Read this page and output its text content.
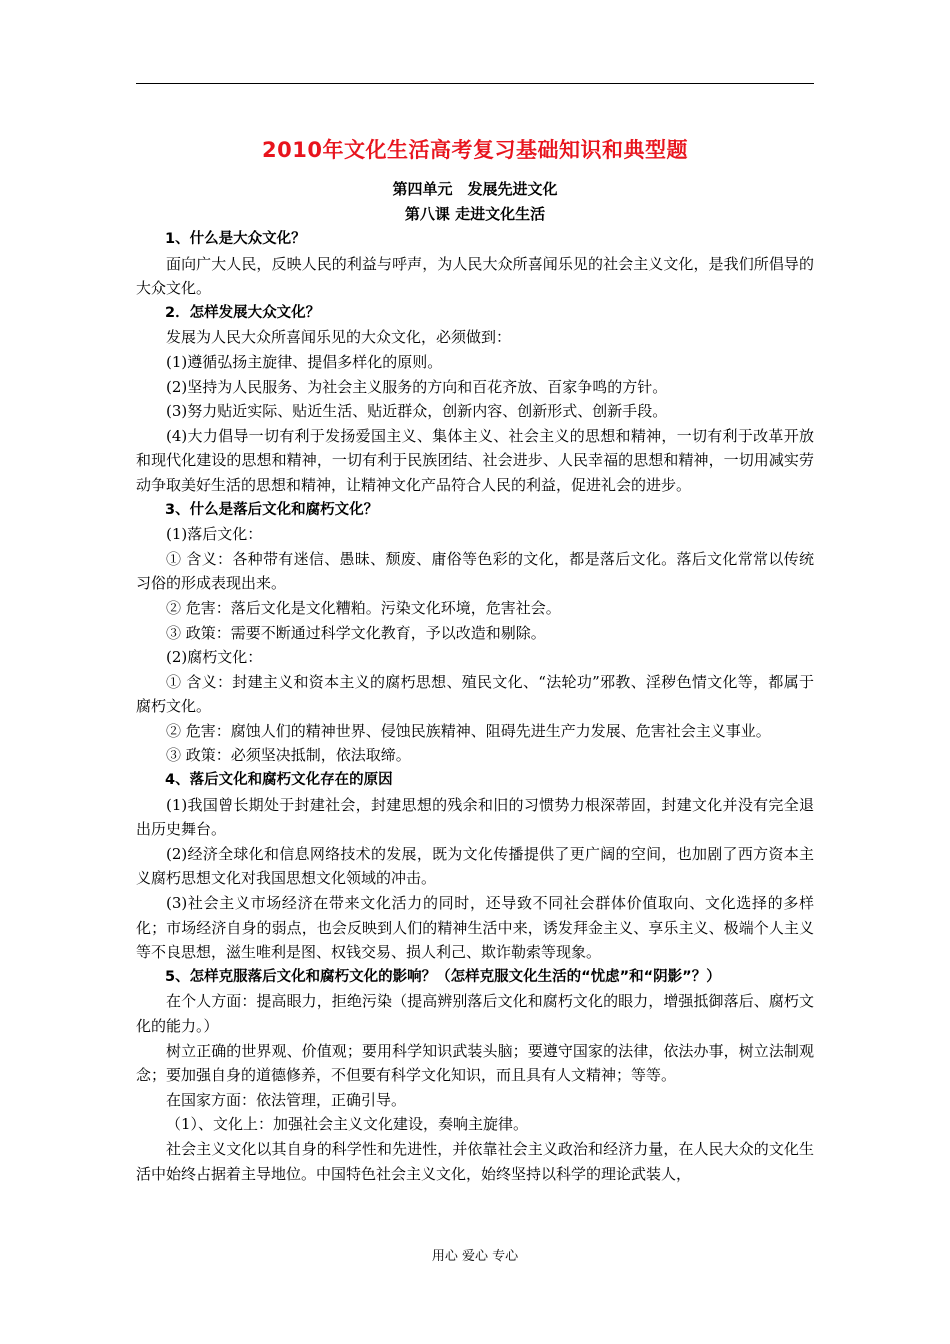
2010年文化生活高考复习基础知识和典型题
第四单元　发展先进文化
第八课 走进文化生活
1、什么是大众文化？
面向广大人民，反映人民的利益与呼声，为人民大众所喜闻乐见的社会主义文化，是我们所倡导的大众文化。
2．怎样发展大众文化？
发展为人民大众所喜闻乐见的大众文化，必须做到：
(1)遵循弘扬主旋律、提倡多样化的原则。
(2)坚持为人民服务、为社会主义服务的方向和百花齐放、百家争鸣的方针。
(3)努力贴近实际、贴近生活、贴近群众，创新内容、创新形式、创新手段。
(4)大力倡导一切有利于发扬爱国主义、集体主义、社会主义的思想和精神，一切有利于改革开放和现代化建设的思想和精神，一切有利于民族团结、社会进步、人民幸福的思想和精神，一切用减实劳动争取美好生活的思想和精神，让精神文化产品符合人民的利益，促进礼会的进步。
3、什么是落后文化和腐朽文化？
(1)落后文化：
① 含义：各种带有迷信、愚昧、颓废、庸俗等色彩的文化，都是落后文化。落后文化常常以传统习俗的形成表现出来。
② 危害：落后文化是文化糟粕。污染文化环境，危害社会。
③ 政策：需要不断通过科学文化教育，予以改造和剔除。
(2)腐朽文化：
① 含义：封建主义和资本主义的腐朽思想、殖民文化、“法轮功”邪教、淫秽色情文化等，都属于腐朽文化。
② 危害：腐蚀人们的精神世界、侵蚀民族精神、阻碍先进生产力发展、危害社会主义事业。
③ 政策：必须坚决抵制，依法取缔。
4、落后文化和腐朽文化存在的原因
(1)我国曾长期处于封建社会，封建思想的残余和旧的习惯势力根深蒂固，封建文化并没有完全退出历史舞台。
(2)经济全球化和信息网络技术的发展，既为文化传播提供了更广阔的空间，也加剧了西方资本主义腐朽思想文化对我国思想文化领域的冲击。
(3)社会主义市场经济在带来文化活力的同时，还导致不同社会群体价值取向、文化选择的多样化；市场经济自身的弱点，也会反映到人们的精神生活中来，诱发拜金主义、享乐主义、极端个人主义等不良思想，滋生唯利是图、权钱交易、损人利己、欺诈勒索等现象。
5、怎样克服落后文化和腐朽文化的影响？（怎样克服文化生活的“忧虑”和“阴影”？）
在个人方面：提高眼力，拒绝污染（提高辨别落后文化和腐朽文化的眼力，增强抵御落后、腐朽文化的能力。）
树立正确的世界观、价值观；要用科学知识武装头脑；要遵守国家的法律，依法办事，树立法制观念；要加强自身的道德修养，不但要有科学文化知识，而且具有人文精神；等等。
在国家方面：依法管理，正确引导。
（1）、文化上：加强社会主义文化建设，奏响主旋律。
社会主义文化以其自身的科学性和先进性，并依靠社会主义政治和经济力量，在人民大众的文化生活中始终占据着主导地位。中国特色社会主义文化，始终坚持以科学的理论武装人，
用心 爱心 专心
